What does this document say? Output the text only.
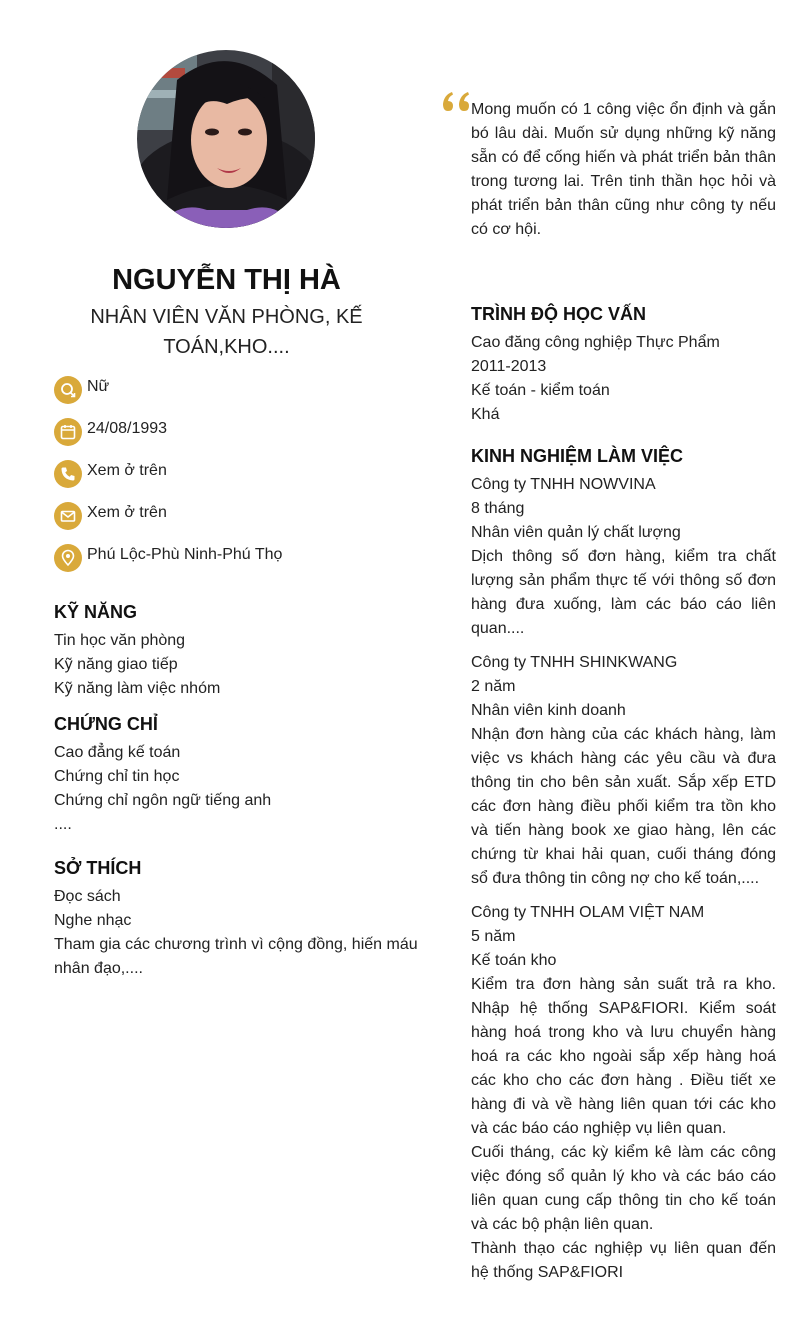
NGUYỄN THỊ HÀ
NHÂN VIÊN VĂN PHÒNG, KẾ TOÁN,KHO....
Nữ
24/08/1993
Xem ở trên
Xem ở trên
Phú Lộc-Phù Ninh-Phú Thọ
KỸ NĂNG
Tin học văn phòng
Kỹ năng giao tiếp
Kỹ năng làm việc nhóm
CHỨNG CHỈ
Cao đẳng kế toán
Chứng chỉ tin học
Chứng chỉ ngôn ngữ tiếng anh
....
SỞ THÍCH
Đọc sách
Nghe nhạc
Tham gia các chương trình vì cộng đồng, hiến máu nhân đạo,....
Mong muốn có 1 công việc ổn định và gắn bó lâu dài. Muốn sử dụng những kỹ năng sẵn có để cống hiến và phát triển bản thân trong tương lai. Trên tinh thần học hỏi và phát triển bản thân cũng như công ty nếu có cơ hội.
TRÌNH ĐỘ HỌC VẤN
Cao đăng công nghiệp Thực Phẩm
2011-2013
Kế toán - kiểm toán
Khá
KINH NGHIỆM LÀM VIỆC
Công ty TNHH NOWVINA
8 tháng
Nhân viên quản lý chất lượng
Dịch thông số đơn hàng, kiểm tra chất lượng sản phẩm thực tế với thông số đơn hàng đưa xuống, làm các báo cáo liên quan....
Công ty TNHH SHINKWANG
2 năm
Nhân viên kinh doanh
Nhận đơn hàng của các khách hàng, làm việc vs khách hàng các yêu cầu và đưa thông tin cho bên sản xuất. Sắp xếp ETD các đơn hàng điều phối kiểm tra tồn kho và tiến hàng book xe giao hàng, lên các chứng từ khai hải quan, cuối tháng đóng sổ đưa thông tin công nợ cho kế toán,....
Công ty TNHH OLAM VIỆT NAM
5 năm
Kế toán kho
Kiểm tra đơn hàng sản suất trả ra kho. Nhập hệ thống SAP&FIORI. Kiểm soát hàng hoá trong kho và lưu chuyển hàng hoá ra các kho ngoài sắp xếp hàng hoá các kho cho các đơn hàng . Điều tiết xe hàng đi và về hàng liên quan tới các kho và các báo cáo nghiệp vụ liên quan.
Cuối tháng, các kỳ kiểm kê làm các công việc đóng sổ quản lý kho và các báo cáo liên quan cung cấp thông tin cho kế toán và các bộ phận liên quan.
Thành thạo các nghiệp vụ liên quan đến hệ thống SAP&FIORI
